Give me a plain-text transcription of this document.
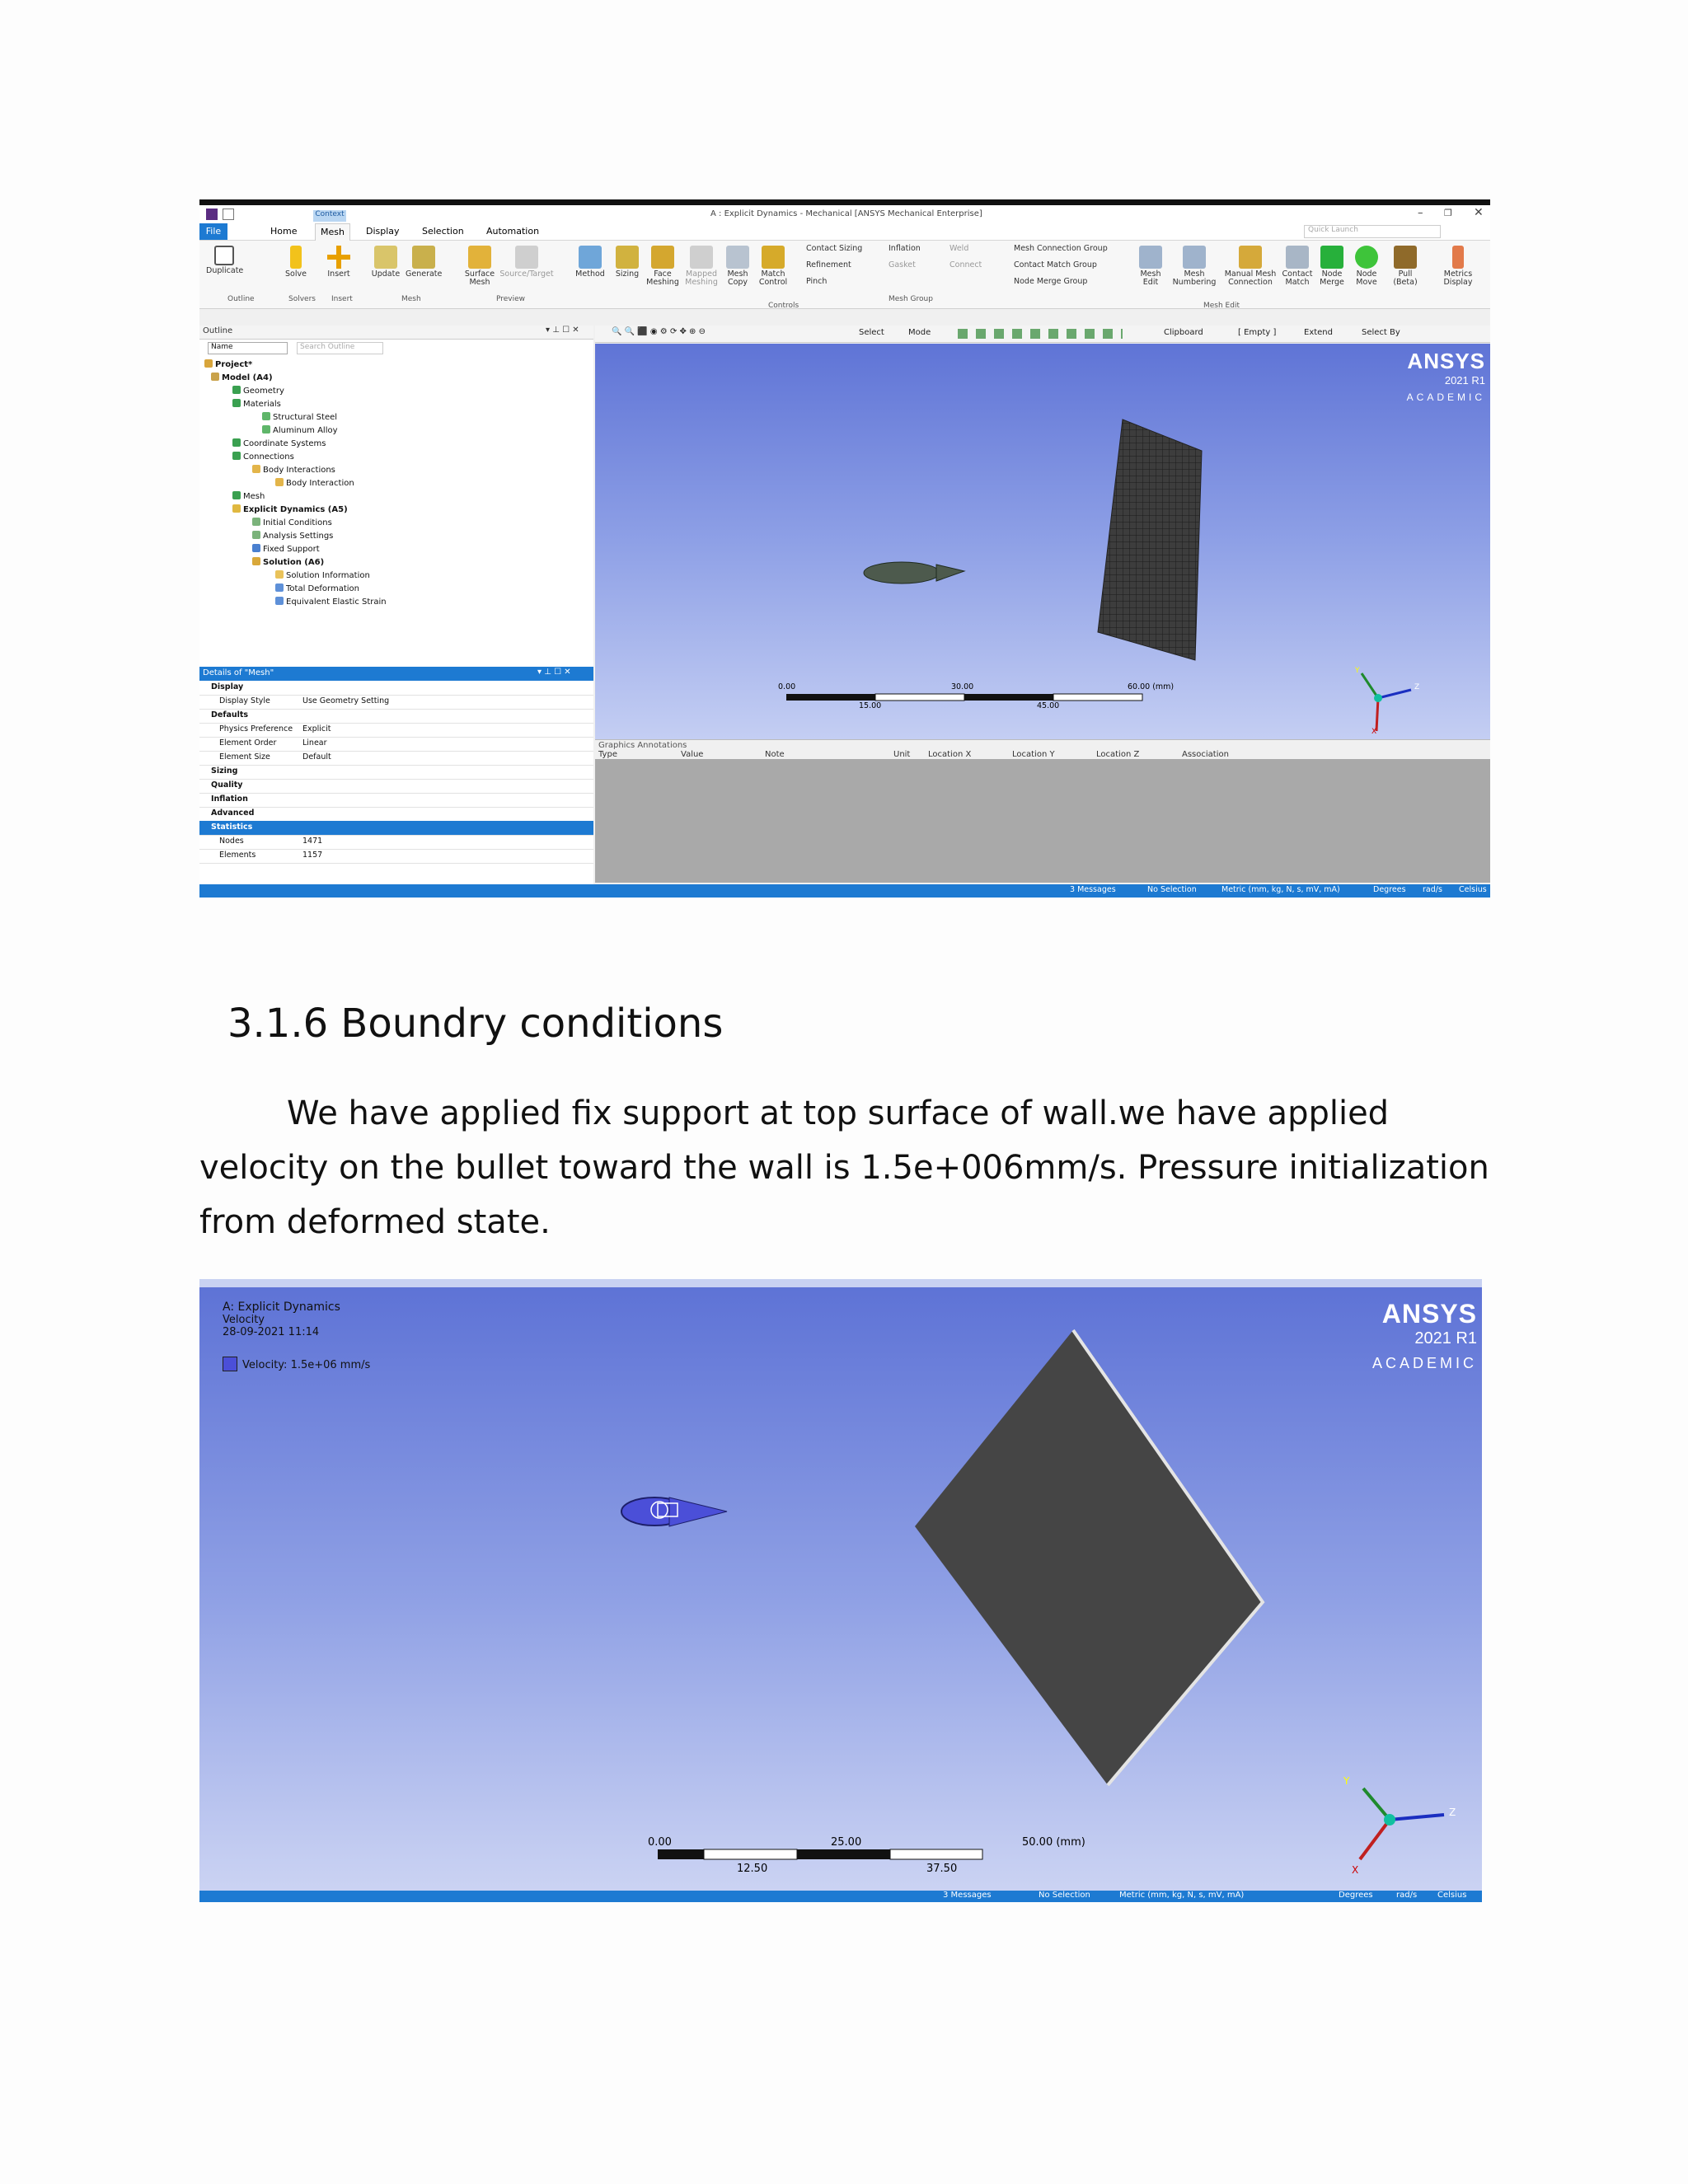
Context	A : Explicit Dynamics - Mechanical [ANSYS Mechanical Enterprise]	– ❐ ✕
File	Home	Mesh	Display Selection Automation	Quick Launch
Duplicate
Outline
Solve
Solvers
Insert
Insert
Update Generate
Mesh
Surface Mesh
Source/Target
Preview
Method	Sizing	Face Meshing
Mapped Meshing
Mesh Copy
Match Control
Controls
Contact Sizing
Refinement
Pinch
Inflation
Gasket
Weld
Connect
Mesh Group
Mesh Connection Group
Contact Match Group
Node Merge Group
Mesh Edit
Mesh Numbering
Manual Mesh Connection
Contact Match
Node Merge
Node Move
Mesh Edit
Pull (Beta)
Metrics Display
Outline	▾ ⊥ ☐ ✕	🔍 🔍 ⬛ ◉ ⚙ ⟳ ✥ ⊕ ⊖	Select	Mode	Clipboard	[ Empty ]	Extend	Select By
Name	Search Outline
Project*
Model (A4)
Geometry
Materials
Structural Steel
Aluminum Alloy
Coordinate Systems
Connections
Body Interactions
Body Interaction
Mesh
Explicit Dynamics (A5)
Initial Conditions
Analysis Settings
Fixed Support
Solution (A6)
Solution Information
Total Deformation
Equivalent Elastic Strain
Details of "Mesh"	▾ ⊥ ☐ ✕
Display
Display Style	Use Geometry Setting
Defaults
Physics Preference Explicit
Element Order	Linear
Element Size	Default
Sizing
Quality
Inflation
Advanced
Statistics
Nodes	1471
Elements	1157
ANSYS
2021 R1
ACADEMIC
0.00	30.00	60.00 (mm)
15.00	45.00
Y
Z
X
Graphics Annotations
Type	Value	Note	Unit Location X	Location Y	Location Z	Association
3 Messages	No Selection	Metric (mm, kg, N, s, mV, mA)	Degrees rad/s Celsius
3.1.6 Boundry conditions

We have applied fix support at top surface of wall.we have applied velocity on the bullet toward the wall is 1.5e+006mm/s. Pressure initialization from deformed state.

A: Explicit Dynamics
Velocity
28-09-2021 11:14
Velocity: 1.5e+06 mm/s
ANSYS
2021 R1
ACADEMIC
0.00	25.00	50.00 (mm)
12.50	37.50
Y
Z
X
3 Messages	No Selection	Metric (mm, kg, N, s, mV, mA)	Degrees	rad/s Celsius
